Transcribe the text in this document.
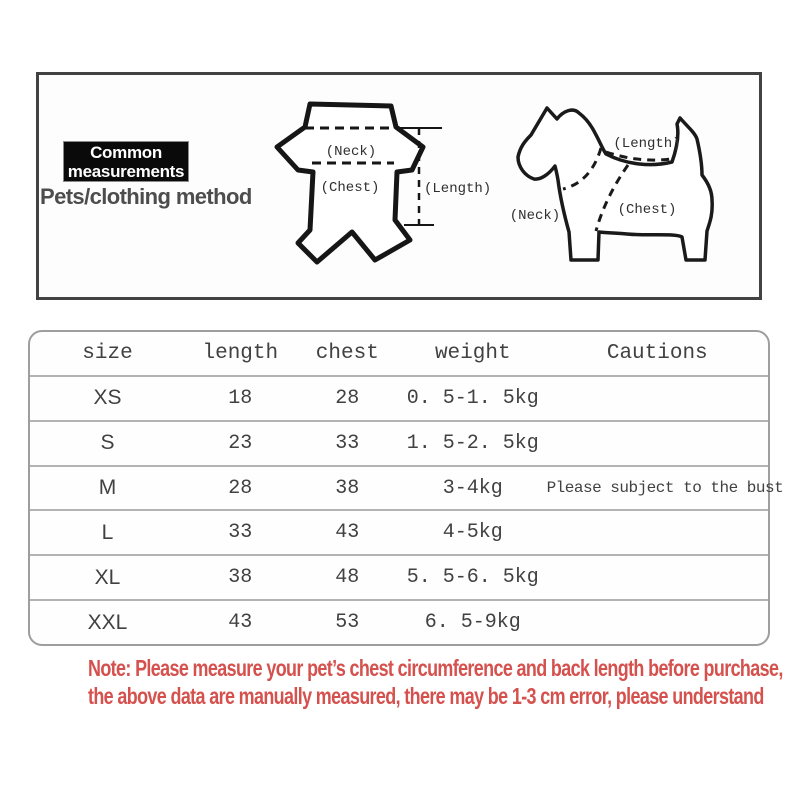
Common
measurements
Pets/clothing method
(Neck)
(Chest)	(Length)
(Length)
(Neck)	(Chest)
size	length	chest	weight	Cautions
XS	18	28	0. 5-1. 5kg
S	23	33	1. 5-2. 5kg
M	28	38	3-4kg	Please subject to the bust
L	33	43	4-5kg
XL	38	48	5. 5-6. 5kg
XXL	43	53	6. 5-9kg
Note: Please measure your pet’s chest circumference and back length before purchase,
the above data are manually measured, there may be 1-3 cm error, please understand
